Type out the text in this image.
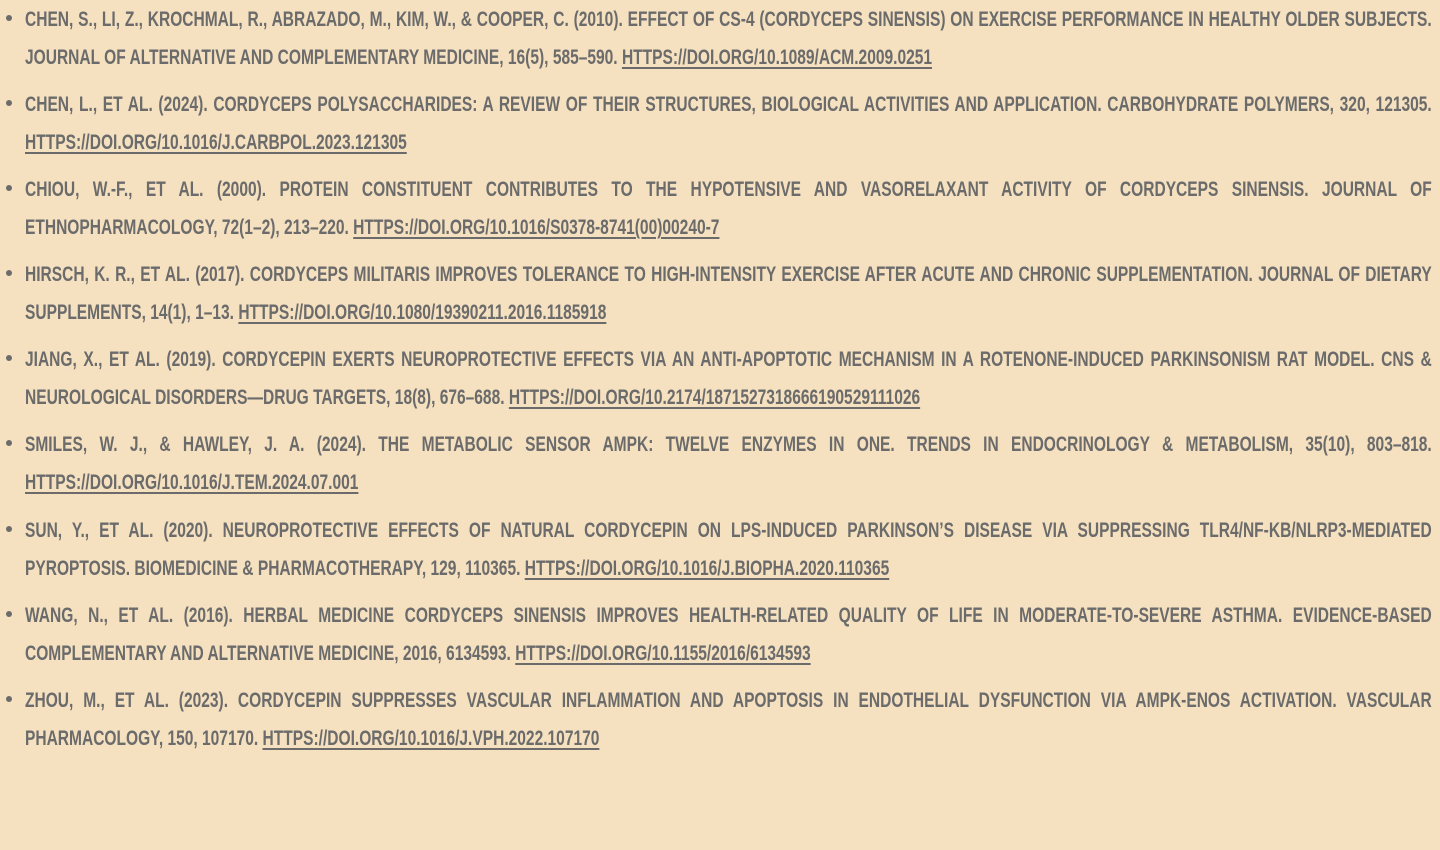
CHEN, S., LI, Z., KROCHMAL, R., ABRAZADO, M., KIM, W., & COOPER, C. (2010). EFFECT OF CS-4 (CORDYCEPS SINENSIS) ON EXERCISE PERFORMANCE IN HEALTHY OLDER SUBJECTS. JOURNAL OF ALTERNATIVE AND COMPLEMENTARY MEDICINE, 16(5), 585–590. HTTPS://DOI.ORG/10.1089/ACM.2009.0251
CHEN, L., ET AL. (2024). CORDYCEPS POLYSACCHARIDES: A REVIEW OF THEIR STRUCTURES, BIOLOGICAL ACTIVITIES AND APPLICATION. CARBOHYDRATE POLYMERS, 320, 121305. HTTPS://DOI.ORG/10.1016/J.CARBPOL.2023.121305
CHIOU, W.-F., ET AL. (2000). PROTEIN CONSTITUENT CONTRIBUTES TO THE HYPOTENSIVE AND VASORELAXANT ACTIVITY OF CORDYCEPS SINENSIS. JOURNAL OF ETHNOPHARMACOLOGY, 72(1–2), 213–220. HTTPS://DOI.ORG/10.1016/S0378-8741(00)00240-7
HIRSCH, K. R., ET AL. (2017). CORDYCEPS MILITARIS IMPROVES TOLERANCE TO HIGH-INTENSITY EXERCISE AFTER ACUTE AND CHRONIC SUPPLEMENTATION. JOURNAL OF DIETARY SUPPLEMENTS, 14(1), 1–13. HTTPS://DOI.ORG/10.1080/19390211.2016.1185918
JIANG, X., ET AL. (2019). CORDYCEPIN EXERTS NEUROPROTECTIVE EFFECTS VIA AN ANTI-APOPTOTIC MECHANISM IN A ROTENONE-INDUCED PARKINSONISM RAT MODEL. CNS & NEUROLOGICAL DISORDERS—DRUG TARGETS, 18(8), 676–688. HTTPS://DOI.ORG/10.2174/1871527318666190529111026
SMILES, W. J., & HAWLEY, J. A. (2024). THE METABOLIC SENSOR AMPK: TWELVE ENZYMES IN ONE. TRENDS IN ENDOCRINOLOGY & METABOLISM, 35(10), 803–818. HTTPS://DOI.ORG/10.1016/J.TEM.2024.07.001
SUN, Y., ET AL. (2020). NEUROPROTECTIVE EFFECTS OF NATURAL CORDYCEPIN ON LPS-INDUCED PARKINSON’S DISEASE VIA SUPPRESSING TLR4/NF-ΚB/NLRP3-MEDIATED PYROPTOSIS. BIOMEDICINE & PHARMACOTHERAPY, 129, 110365. HTTPS://DOI.ORG/10.1016/J.BIOPHA.2020.110365
WANG, N., ET AL. (2016). HERBAL MEDICINE CORDYCEPS SINENSIS IMPROVES HEALTH-RELATED QUALITY OF LIFE IN MODERATE-TO-SEVERE ASTHMA. EVIDENCE-BASED COMPLEMENTARY AND ALTERNATIVE MEDICINE, 2016, 6134593. HTTPS://DOI.ORG/10.1155/2016/6134593
ZHOU, M., ET AL. (2023). CORDYCEPIN SUPPRESSES VASCULAR INFLAMMATION AND APOPTOSIS IN ENDOTHELIAL DYSFUNCTION VIA AMPK-ENOS ACTIVATION. VASCULAR PHARMACOLOGY, 150, 107170. HTTPS://DOI.ORG/10.1016/J.VPH.2022.107170
